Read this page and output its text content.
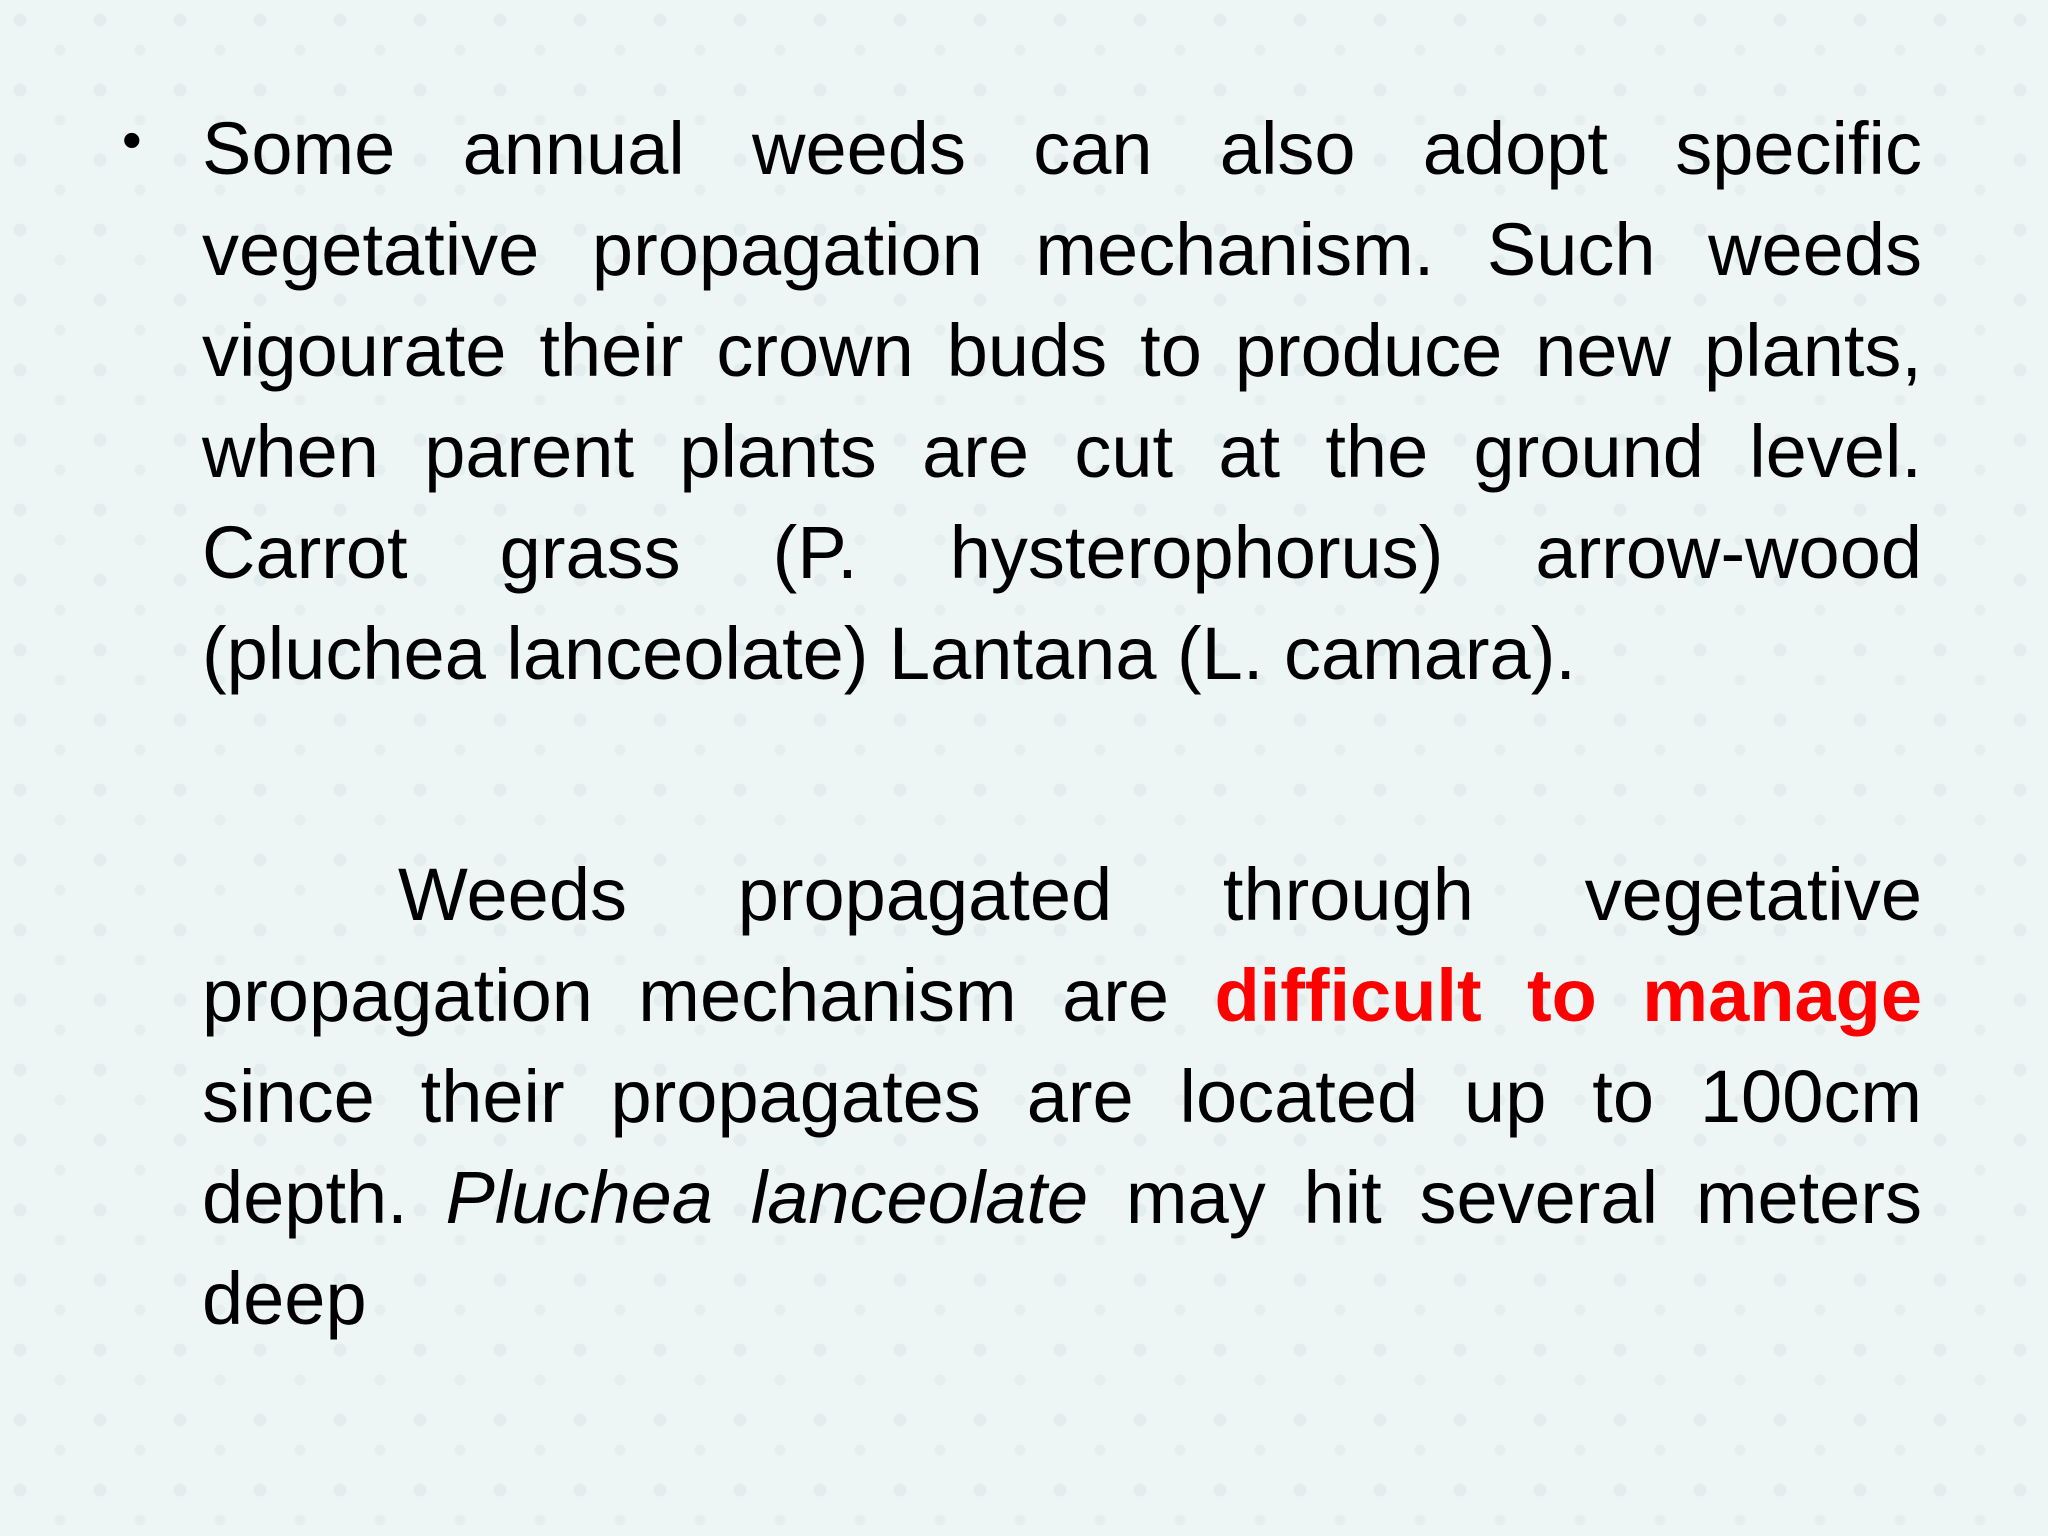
• Some annual weeds can also adopt specific vegetative propagation mechanism. Such weeds vigourate their crown buds to produce new plants, when parent plants are cut at the ground level. Carrot grass (P. hysterophorus) arrow-wood (pluchea lanceolate) Lantana (L. camara).

Weeds propagated through vegetative propagation mechanism are difficult to manage since their propagates are located up to 100cm depth. Pluchea lanceolate may hit several meters deep
